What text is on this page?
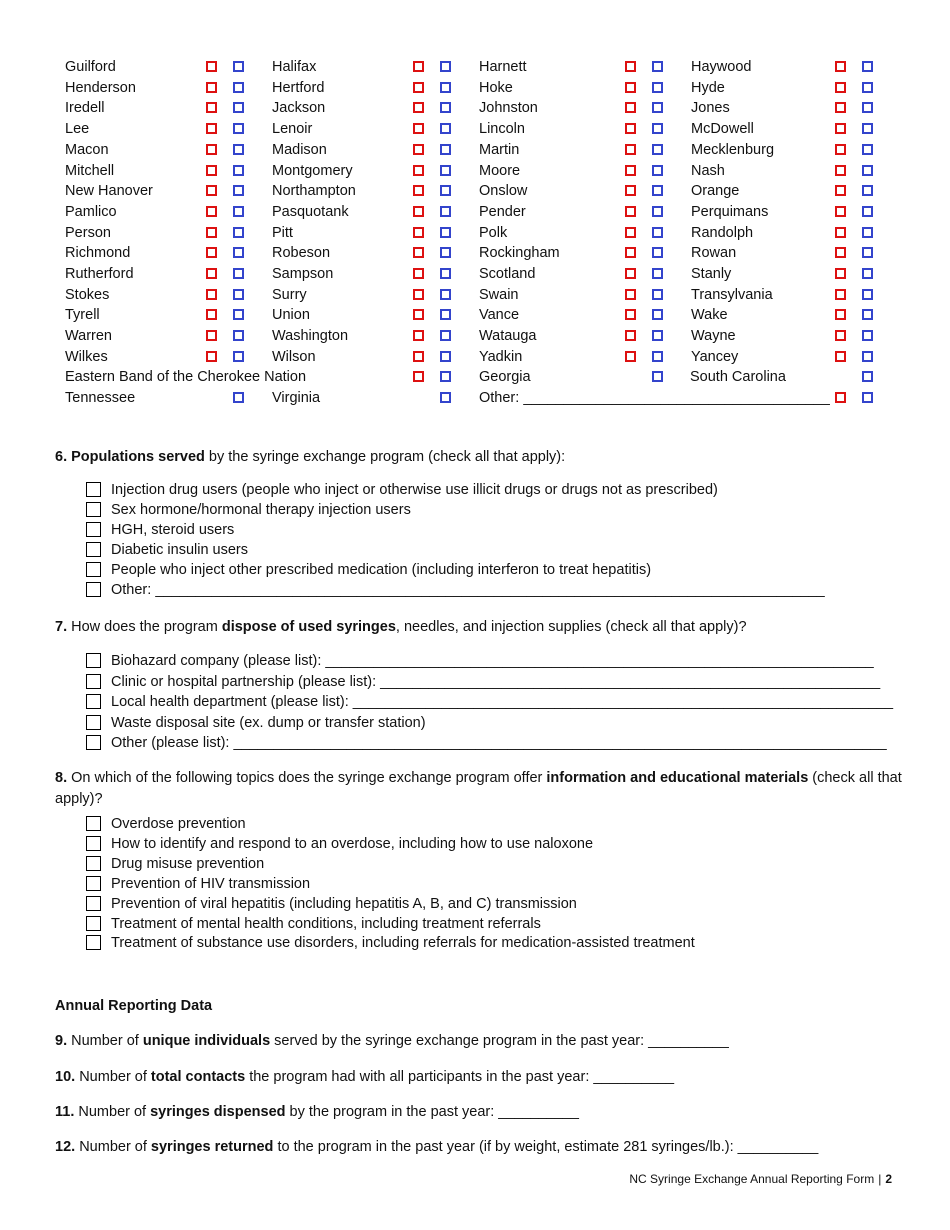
Guilford	Halifax	Harnett	Haywood
Henderson	Hertford	Hoke	Hyde
Iredell	Jackson	Johnston	Jones
Lee	Lenoir	Lincoln	McDowell
Macon	Madison	Martin	Mecklenburg
Mitchell	Montgomery	Moore	Nash
New Hanover	Northampton	Onslow	Orange
Pamlico	Pasquotank	Pender	Perquimans
Person	Pitt	Polk	Randolph
Richmond	Robeson	Rockingham	Rowan
Rutherford	Sampson	Scotland	Stanly
Stokes	Surry	Swain	Transylvania
Tyrell	Union	Vance	Wake
Warren	Washington	Watauga	Wayne
Wilkes	Wilson	Yadkin	Yancey
Eastern Band of the Cherokee Nation	Georgia	South Carolina
Tennessee	Virginia	Other: ______________________________________
6. Populations served by the syringe exchange program (check all that apply):
Injection drug users (people who inject or otherwise use illicit drugs or drugs not as prescribed)
Sex hormone/hormonal therapy injection users
HGH, steroid users
Diabetic insulin users
People who inject other prescribed medication (including interferon to treat hepatitis)
Other: ___________________________________________________________________________________
7. How does the program dispose of used syringes, needles, and injection supplies (check all that apply)?
Biohazard company (please list): ____________________________________________________________________
Clinic or hospital partnership (please list): ______________________________________________________________
Local health department (please list): ___________________________________________________________________
Waste disposal site (ex. dump or transfer station)
Other (please list): _________________________________________________________________________________
8. On which of the following topics does the syringe exchange program offer information and educational materials (check all that apply)?
Overdose prevention
How to identify and respond to an overdose, including how to use naloxone
Drug misuse prevention
Prevention of HIV transmission
Prevention of viral hepatitis (including hepatitis A, B, and C) transmission
Treatment of mental health conditions, including treatment referrals
Treatment of substance use disorders, including referrals for medication-assisted treatment
Annual Reporting Data
9. Number of unique individuals served by the syringe exchange program in the past year: __________
10. Number of total contacts the program had with all participants in the past year: __________
11. Number of syringes dispensed by the program in the past year: __________
12. Number of syringes returned to the program in the past year (if by weight, estimate 281 syringes/lb.): __________
NC Syringe Exchange Annual Reporting Form | 2
